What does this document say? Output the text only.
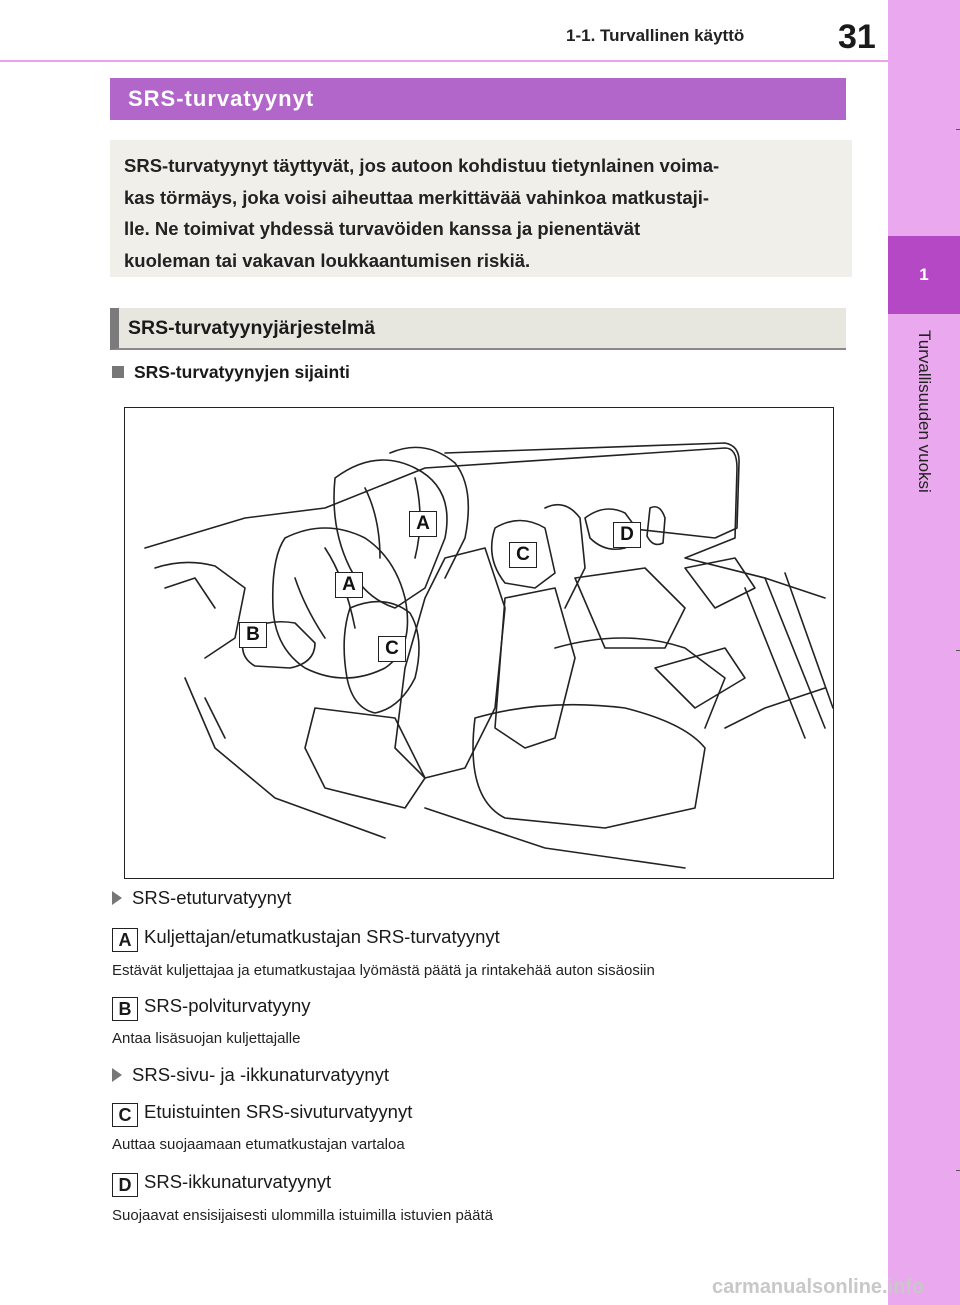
1-1. Turvallinen käyttö	31
1
Turvallisuuden vuoksi
SRS-turvatyynyt

SRS-turvatyynyt täyttyvät, jos autoon kohdistuu tietynlainen voima-

kas törmäys, joka voisi aiheuttaa merkittävää vahinkoa matkustaji-

lle. Ne toimivat yhdessä turvavöiden kanssa ja pienentävät

kuoleman tai vakavan loukkaantumisen riskiä.

SRS-turvatyynyjärjestelmä
SRS-turvatyynyjen sijainti
A
A
B
C
C
D
SRS-etuturvatyynyt
A Kuljettajan/etumatkustajan SRS-turvatyynyt
Estävät kuljettajaa ja etumatkustajaa lyömästä päätä ja rintakehää auton sisäosiin
B SRS-polviturvatyyny
Antaa lisäsuojan kuljettajalle
SRS-sivu- ja -ikkunaturvatyynyt
C Etuistuinten SRS-sivuturvatyynyt
Auttaa suojaamaan etumatkustajan vartaloa
D SRS-ikkunaturvatyynyt
Suojaavat ensisijaisesti ulommilla istuimilla istuvien päätä
carmanualsonline.info
